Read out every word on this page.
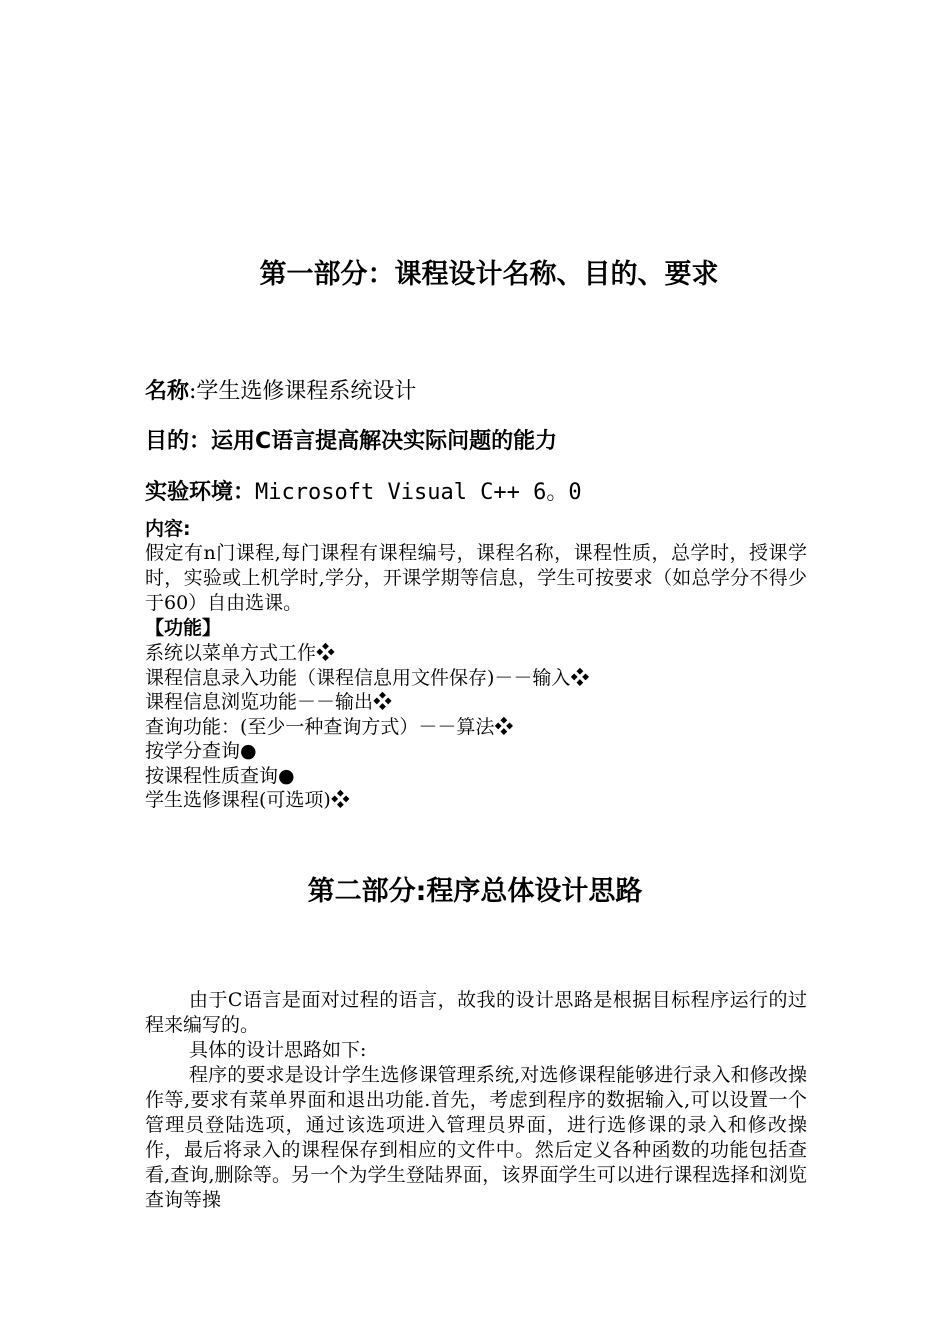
第一部分：课程设计名称、目的、要求
名称:学生选修课程系统设计
目的：运用C语言提高解决实际问题的能力
实验环境：Microsoft Visual C++ 6。0
内容:
假定有n门课程,每门课程有课程编号，课程名称，课程性质，总学时，授课学时，实验或上机学时,学分，开课学期等信息，学生可按要求（如总学分不得少于60）自由选课。
【功能】
系统以菜单方式工作❖
课程信息录入功能（课程信息用文件保存)－－输入❖
课程信息浏览功能－－输出❖
查询功能：(至少一种查询方式）－－算法❖
按学分查询●
按课程性质查询●
学生选修课程(可选项)❖
第二部分:程序总体设计思路

由于C语言是面对过程的语言，故我的设计思路是根据目标程序运行的过程来编写的。

具体的设计思路如下:

程序的要求是设计学生选修课管理系统,对选修课程能够进行录入和修改操作等,要求有菜单界面和退出功能.首先，考虑到程序的数据输入,可以设置一个管理员登陆选项，通过该选项进入管理员界面，进行选修课的录入和修改操作，最后将录入的课程保存到相应的文件中。然后定义各种函数的功能包括查看,查询,删除等。另一个为学生登陆界面，该界面学生可以进行课程选择和浏览查询等操
